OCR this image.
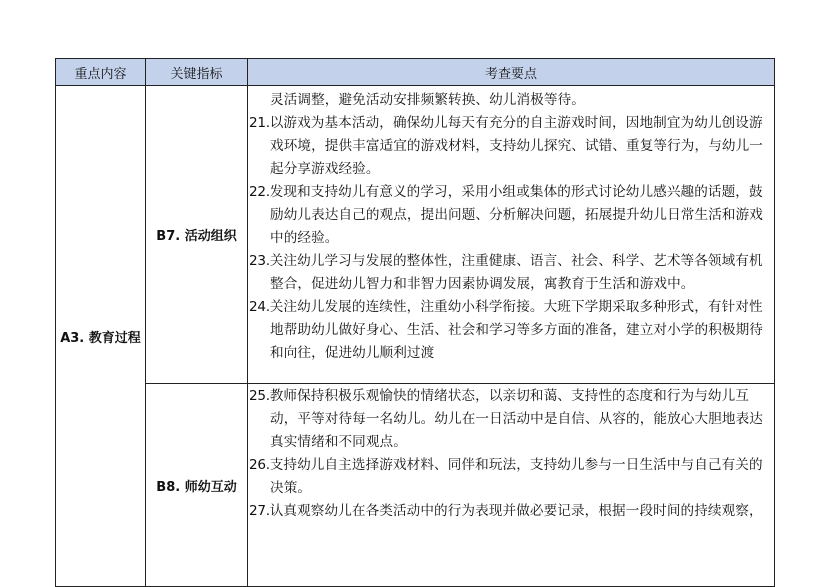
重点内容	关键指标	考查要点
A3. 教育过程	B7. 活动组织	灵活调整，避免活动安排频繁转换、幼儿消极等待。
21.以游戏为基本活动，确保幼儿每天有充分的自主游戏时间，因地制宜为幼儿创设游戏环境，提供丰富适宜的游戏材料，支持幼儿探究、试错、重复等行为，与幼儿一起分享游戏经验。
22.发现和支持幼儿有意义的学习，采用小组或集体的形式讨论幼儿感兴趣的话题，鼓励幼儿表达自己的观点，提出问题、分析解决问题，拓展提升幼儿日常生活和游戏中的经验。
23.关注幼儿学习与发展的整体性，注重健康、语言、社会、科学、艺术等各领域有机整合，促进幼儿智力和非智力因素协调发展，寓教育于生活和游戏中。
24.关注幼儿发展的连续性，注重幼小科学衔接。大班下学期采取多种形式，有针对性地帮助幼儿做好身心、生活、社会和学习等多方面的准备，建立对小学的积极期待和向往，促进幼儿顺利过渡

	B8. 师幼互动	25.教师保持积极乐观愉快的情绪状态，以亲切和蔼、支持性的态度和行为与幼儿互动，平等对待每一名幼儿。幼儿在一日活动中是自信、从容的，能放心大胆地表达真实情绪和不同观点。
26.支持幼儿自主选择游戏材料、同伴和玩法，支持幼儿参与一日生活中与自己有关的决策。
27.认真观察幼儿在各类活动中的行为表现并做必要记录，根据一段时间的持续观察，
